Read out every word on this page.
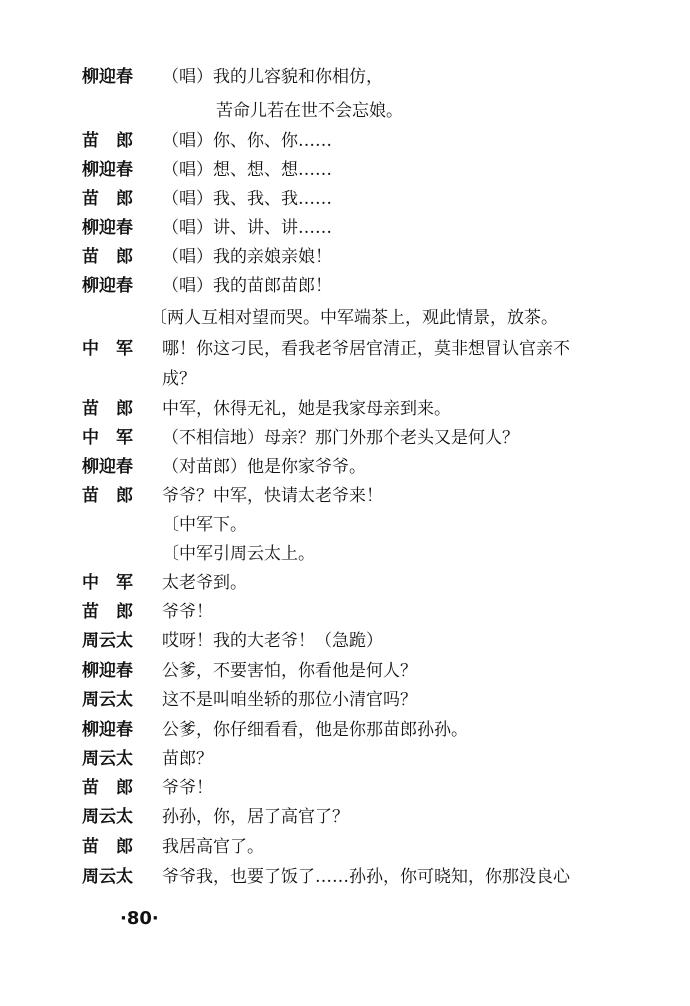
柳迎春	（唱）我的儿容貌和你相仿，
苦命儿若在世不会忘娘。
苗　郎	（唱）你、你、你……
柳迎春	（唱）想、想、想……
苗　郎	（唱）我、我、我……
柳迎春	（唱）讲、讲、讲……
苗　郎	（唱）我的亲娘亲娘！
柳迎春	（唱）我的苗郎苗郎！
〔两人互相对望而哭。中军端茶上，观此情景，放茶。
中　军	哪！你这刁民，看我老爷居官清正，莫非想冒认官亲不
成？
苗　郎	中军，休得无礼，她是我家母亲到来。
中　军	（不相信地）母亲？那门外那个老头又是何人？
柳迎春	（对苗郎）他是你家爷爷。
苗　郎	爷爷？中军，快请太老爷来！
〔中军下。
〔中军引周云太上。
中　军	太老爷到。
苗　郎	爷爷！
周云太	哎呀！我的大老爷！（急跪）
柳迎春	公爹，不要害怕，你看他是何人？
周云太	这不是叫咱坐轿的那位小清官吗？
柳迎春	公爹，你仔细看看，他是你那苗郎孙孙。
周云太	苗郎？
苗　郎	爷爷！
周云太	孙孙，你，居了高官了？
苗　郎	我居高官了。
周云太	爷爷我，也要了饭了……孙孙，你可晓知，你那没良心
·80·
